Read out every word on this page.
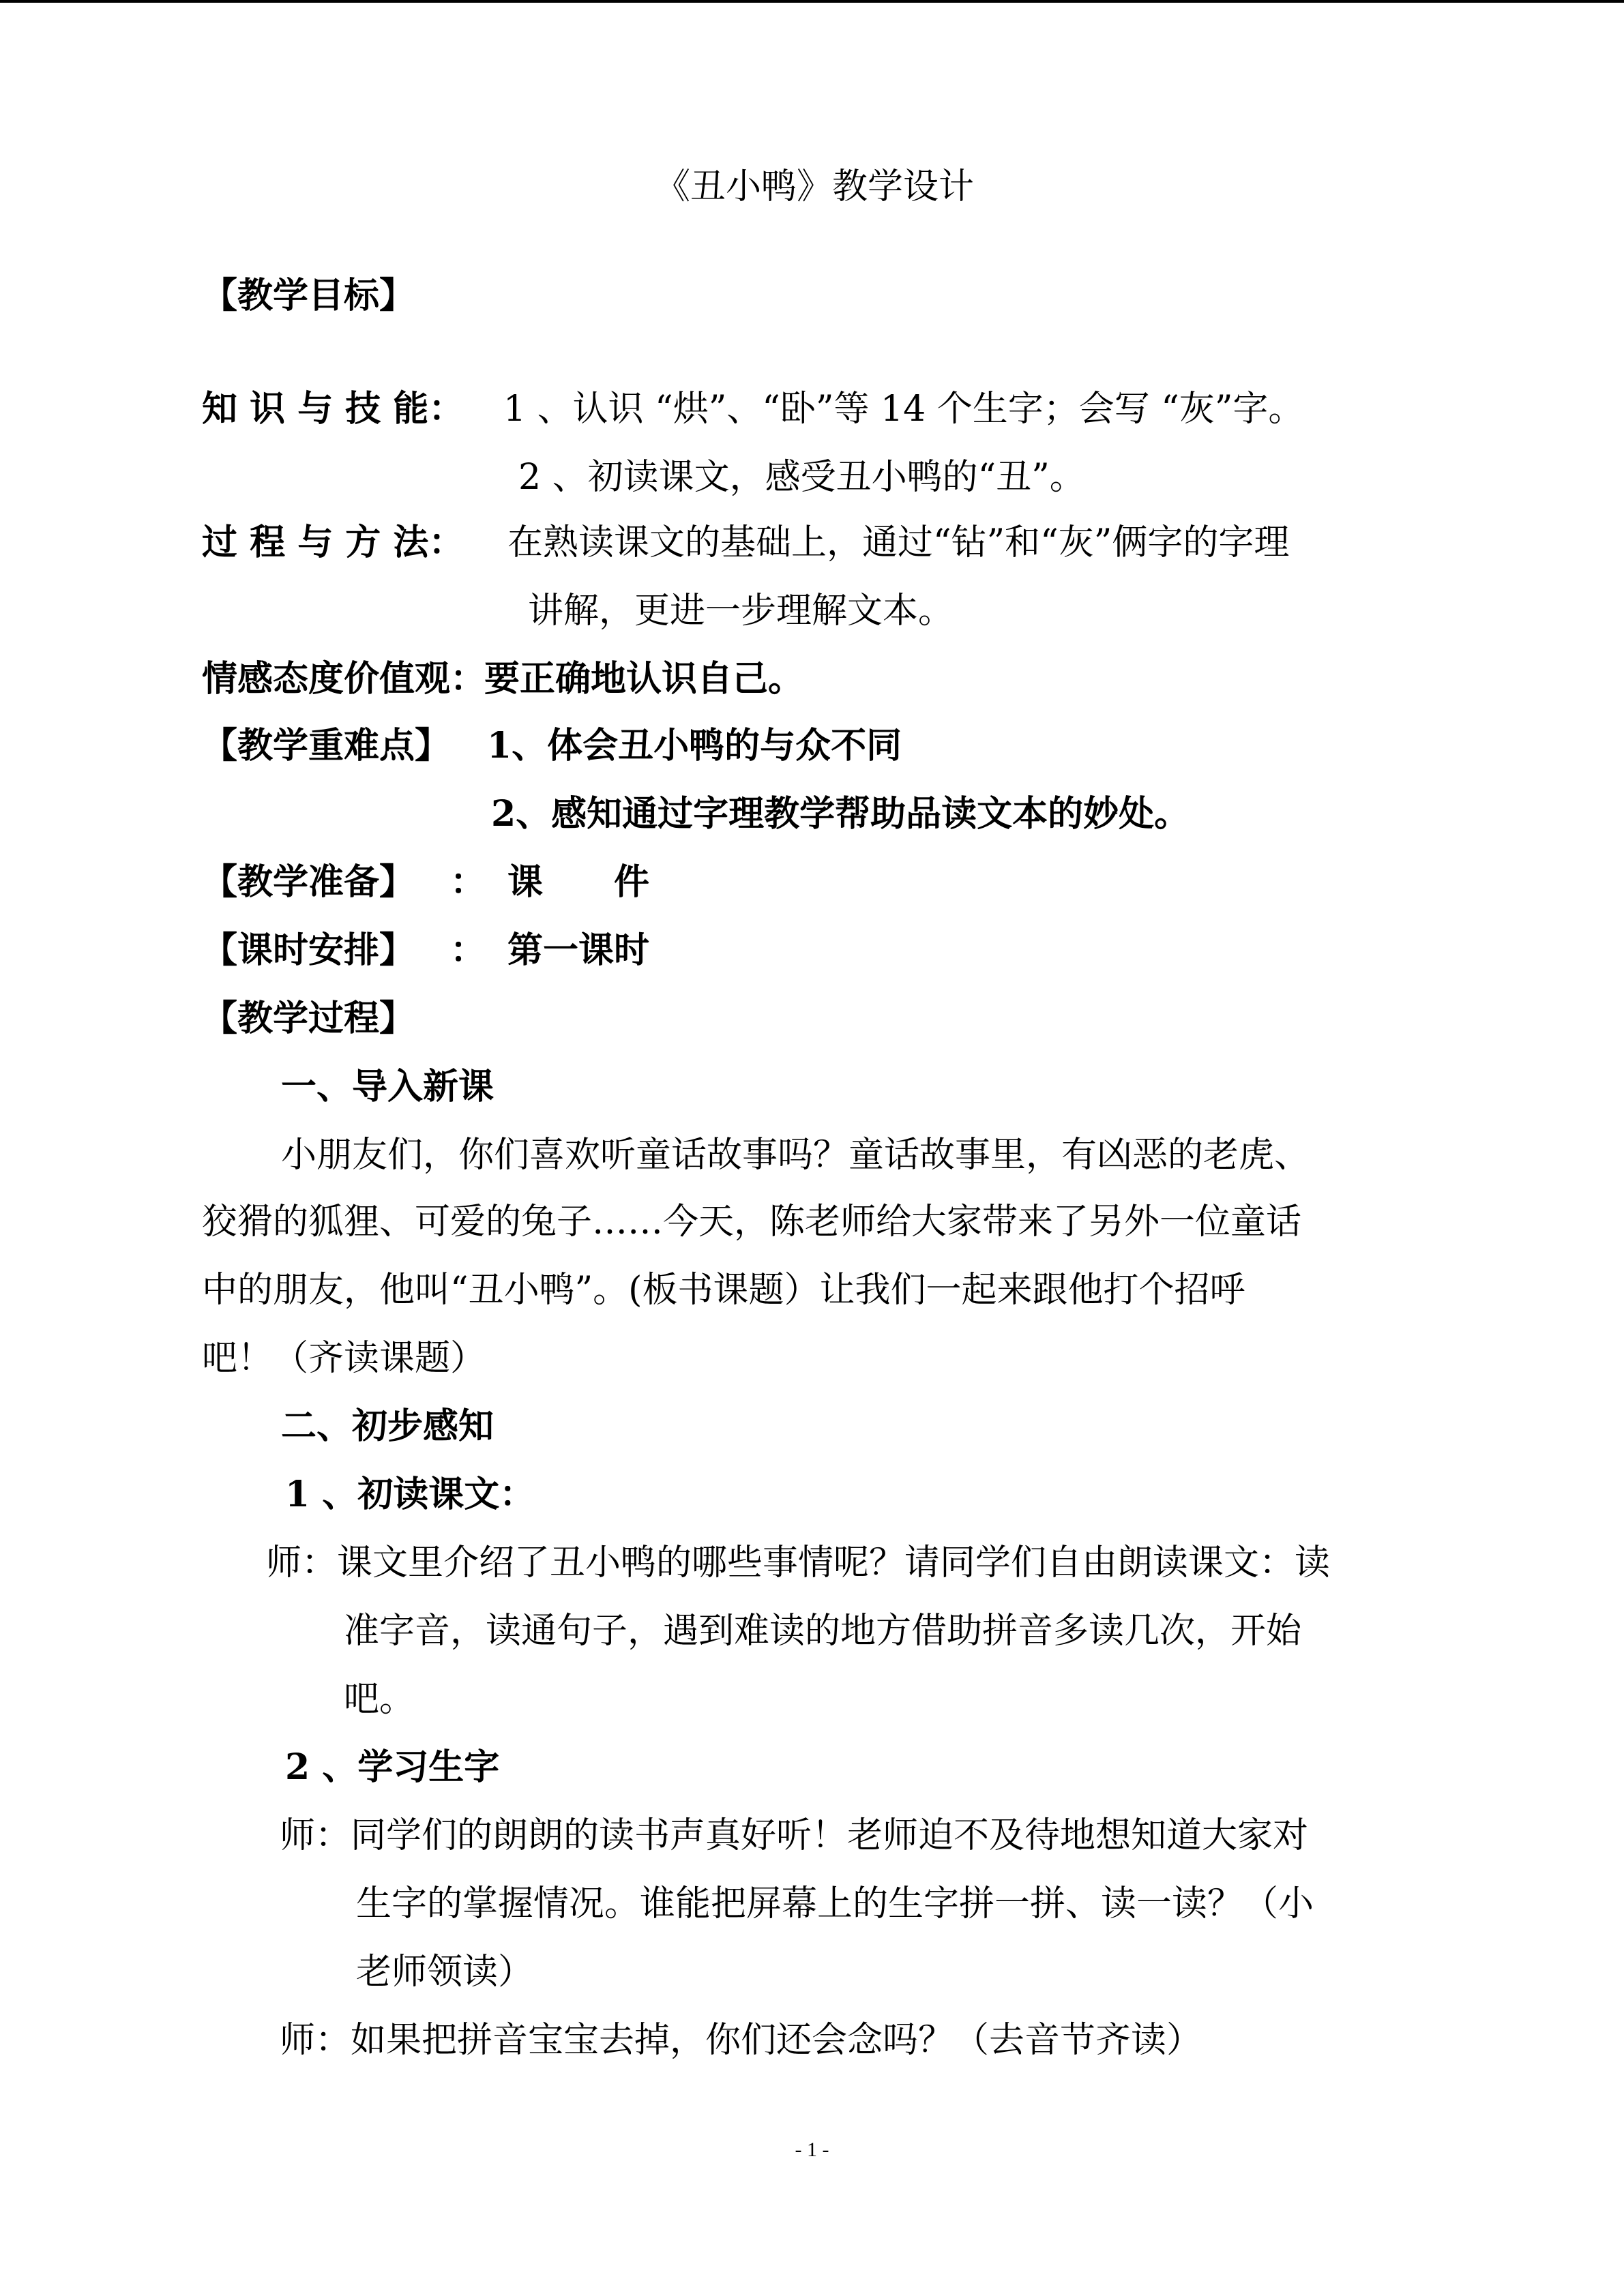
《丑小鸭》教学设计
【教学目标】
知 识 与 技 能： 1 、认识 “烘”、“卧”等 14 个生字；会写 “灰”字。
2 、初读课文，感受丑小鸭的“丑”。
过 程 与 方 法： 在熟读课文的基础上，通过“钻”和“灰”俩字的字理
讲解，更进一步理解文本。
情感态度价值观：
要正确地认识自己。
【教学重难点】 1、体会丑小鸭的与众不同
2、感知通过字理教学帮助品读文本的妙处。
【教学准备】 ： 课　　件
【课时安排】 ： 第一课时
【教学过程】
一、导入新课
小朋友们，你们喜欢听童话故事吗？童话故事里，有凶恶的老虎、
狡猾的狐狸、可爱的兔子……今天，陈老师给大家带来了另外一位童话
中的朋友，他叫“丑小鸭”。(板书课题）让我们一起来跟他打个招呼
吧！（齐读课题）
二、初步感知
1 、初读课文：
师：课文里介绍了丑小鸭的哪些事情呢？请同学们自由朗读课文：读
准字音，读通句子，遇到难读的地方借助拼音多读几次，开始
吧。
2 、学习生字
师：同学们的朗朗的读书声真好听！老师迫不及待地想知道大家对
生字的掌握情况。谁能把屏幕上的生字拼一拼、读一读？（小
老师领读）
师：如果把拼音宝宝去掉，你们还会念吗？（去音节齐读）
- 1 -
